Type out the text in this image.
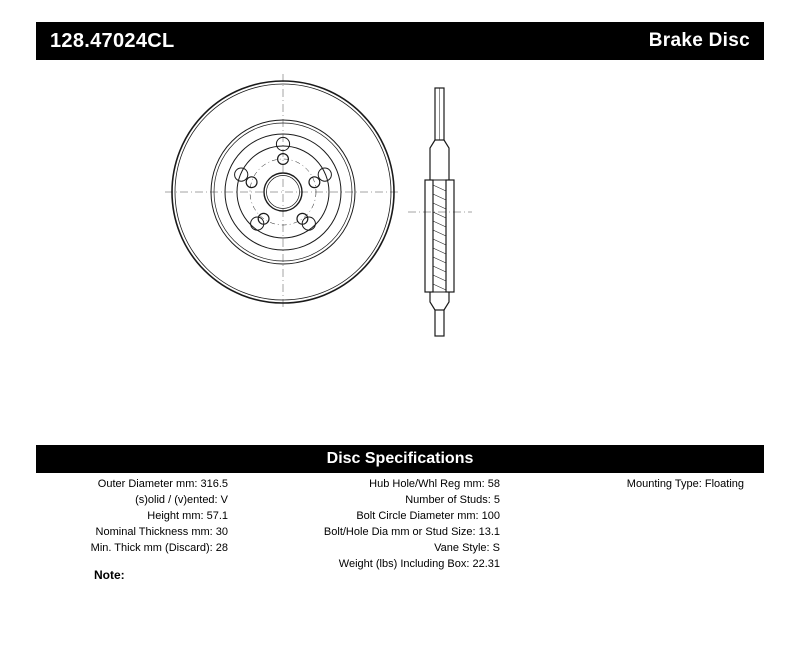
128.47024CL	Brake Disc
Disc Specifications
Outer Diameter mm: 316.5
(s)olid / (v)ented: V
Height mm: 57.1
Nominal Thickness mm: 30
Min. Thick mm (Discard): 28
Hub Hole/Whl Reg mm: 58
Number of Studs: 5
Bolt Circle Diameter mm: 100
Bolt/Hole Dia mm or Stud Size: 13.1
Vane Style: S
Weight (lbs) Including Box: 22.31
Mounting Type: Floating
Note:
